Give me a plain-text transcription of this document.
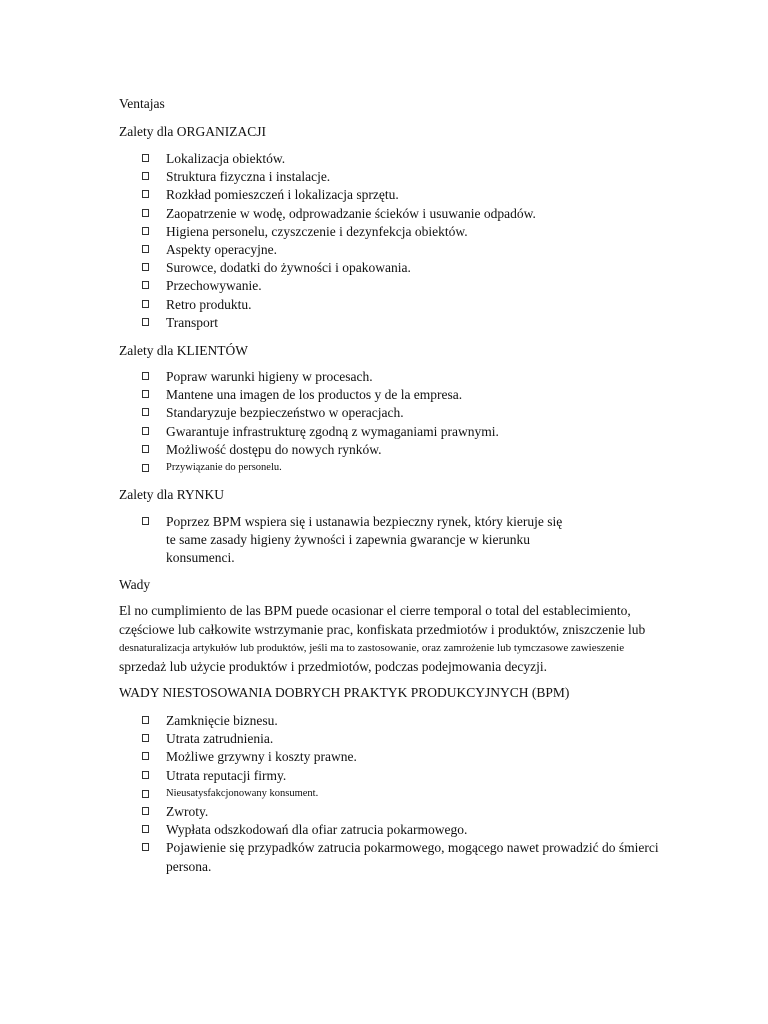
Ventajas
Zalety dla ORGANIZACJI
Lokalizacja obiektów.
Struktura fizyczna i instalacje.
Rozkład pomieszczeń i lokalizacja sprzętu.
Zaopatrzenie w wodę, odprowadzanie ścieków i usuwanie odpadów.
Higiena personelu, czyszczenie i dezynfekcja obiektów.
Aspekty operacyjne.
Surowce, dodatki do żywności i opakowania.
Przechowywanie.
Retro produktu.
Transport
Zalety dla KLIENTÓW
Popraw warunki higieny w procesach.
Mantene una imagen de los productos y de la empresa.
Standaryzuje bezpieczeństwo w operacjach.
Gwarantuje infrastrukturę zgodną z wymaganiami prawnymi.
Możliwość dostępu do nowych rynków.
Przywiązanie do personelu.
Zalety dla RYNKU
Poprzez BPM wspiera się i ustanawia bezpieczny rynek, który kieruje się
te same zasady higieny żywności i zapewnia gwarancje w kierunku
konsumenci.
Wady
El no cumplimiento de las BPM puede ocasionar el cierre temporal o total del establecimiento,
częściowe lub całkowite wstrzymanie prac, konfiskata przedmiotów i produktów, zniszczenie lub
desnaturalizacja artykułów lub produktów, jeśli ma to zastosowanie, oraz zamrożenie lub tymczasowe zawieszenie
sprzedaż lub użycie produktów i przedmiotów, podczas podejmowania decyzji.
WADY NIESTOSOWANIA DOBRYCH PRAKTYK PRODUKCYJNYCH (BPM)
Zamknięcie biznesu.
Utrata zatrudnienia.
Możliwe grzywny i koszty prawne.
Utrata reputacji firmy.
Nieusatysfakcjonowany konsument.
Zwroty.
Wypłata odszkodowań dla ofiar zatrucia pokarmowego.
Pojawienie się przypadków zatrucia pokarmowego, mogącego nawet prowadzić do śmierci
persona.
